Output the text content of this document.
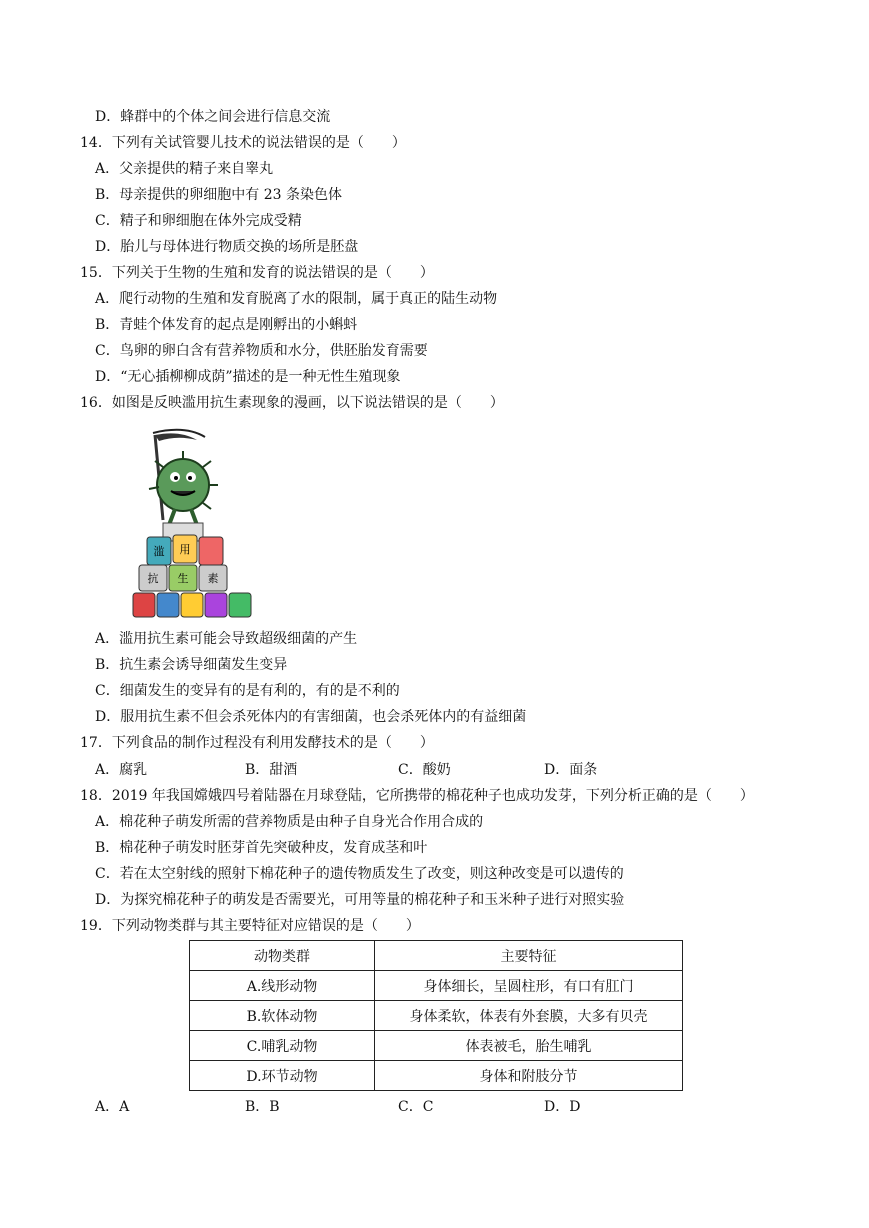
D．蜂群中的个体之间会进行信息交流
14．下列有关试管婴儿技术的说法错误的是（　　）
A．父亲提供的精子来自睾丸
B．母亲提供的卵细胞中有 23 条染色体
C．精子和卵细胞在体外完成受精
D．胎儿与母体进行物质交换的场所是胚盘
15．下列关于生物的生殖和发育的说法错误的是（　　）
A．爬行动物的生殖和发育脱离了水的限制，属于真正的陆生动物
B．青蛙个体发育的起点是刚孵出的小蝌蚪
C．鸟卵的卵白含有营养物质和水分，供胚胎发育需要
D．“无心插柳柳成荫”描述的是一种无性生殖现象
16．如图是反映滥用抗生素现象的漫画，以下说法错误的是（　　）
滥 用
抗 生 素
A．滥用抗生素可能会导致超级细菌的产生
B．抗生素会诱导细菌发生变异
C．细菌发生的变异有的是有利的，有的是不利的
D．服用抗生素不但会杀死体内的有害细菌，也会杀死体内的有益细菌
17．下列食品的制作过程没有利用发酵技术的是（　　）
A．腐乳	B．甜酒	C．酸奶	D．面条
18．2019 年我国嫦娥四号着陆器在月球登陆，它所携带的棉花种子也成功发芽，下列分析正确的是（　　）
A．棉花种子萌发所需的营养物质是由种子自身光合作用合成的
B．棉花种子萌发时胚芽首先突破种皮，发育成茎和叶
C．若在太空射线的照射下棉花种子的遗传物质发生了改变，则这种改变是可以遗传的
D．为探究棉花种子的萌发是否需要光，可用等量的棉花种子和玉米种子进行对照实验
19．下列动物类群与其主要特征对应错误的是（　　）
动物类群	主要特征
A.线形动物	身体细长，呈圆柱形，有口有肛门
B.软体动物	身体柔软，体表有外套膜，大多有贝壳
C.哺乳动物	体表被毛，胎生哺乳
D.环节动物	身体和附肢分节
A．A	B．B	C．C	D．D
